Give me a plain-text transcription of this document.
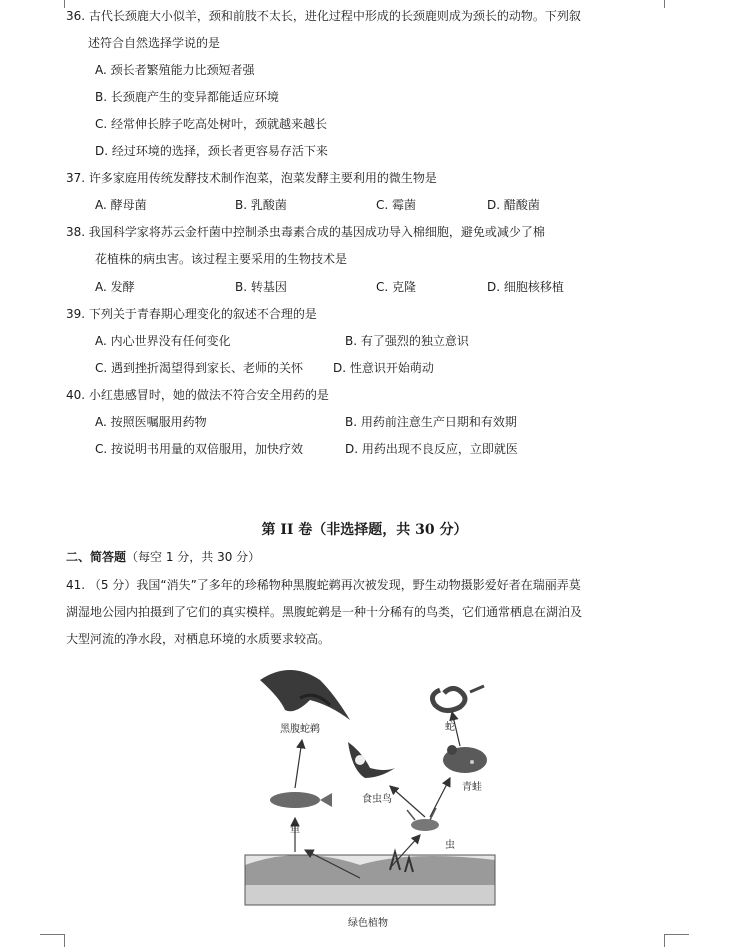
36. 古代长颈鹿大小似羊，颈和前肢不太长，进化过程中形成的长颈鹿则成为颈长的动物。下列叙
述符合自然选择学说的是
A. 颈长者繁殖能力比颈短者强
B. 长颈鹿产生的变异都能适应环境
C. 经常伸长脖子吃高处树叶，颈就越来越长
D. 经过环境的选择，颈长者更容易存活下来
37. 许多家庭用传统发酵技术制作泡菜，泡菜发酵主要利用的微生物是
A. 酵母菌	B. 乳酸菌	C. 霉菌	D. 醋酸菌
38. 我国科学家将苏云金杆菌中控制杀虫毒素合成的基因成功导入棉细胞，避免或减少了棉
花植株的病虫害。该过程主要采用的生物技术是
A. 发酵	B. 转基因	C. 克隆	D. 细胞核移植
39. 下列关于青春期心理变化的叙述不合理的是
A. 内心世界没有任何变化	B. 有了强烈的独立意识
C. 遇到挫折渴望得到家长、老师的关怀 D. 性意识开始萌动
40. 小红患感冒时，她的做法不符合安全用药的是
A. 按照医嘱服用药物	B. 用药前注意生产日期和有效期
C. 按说明书用量的双倍服用，加快疗效	D. 用药出现不良反应，立即就医
第 II 卷（非选择题，共 30 分）
二、简答题（每空 1 分，共 30 分）
41. （5 分）我国“消失”了多年的珍稀物种黑腹蛇鹈再次被发现，野生动物摄影爱好者在瑞丽弄莫
湖湿地公园内拍摄到了它们的真实模样。黑腹蛇鹈是一种十分稀有的鸟类，它们通常栖息在湖泊及
大型河流的净水段，对栖息环境的水质要求较高。
黑腹蛇鹈	蛇
食虫鸟
青蛙
鱼
虫
绿色植物
